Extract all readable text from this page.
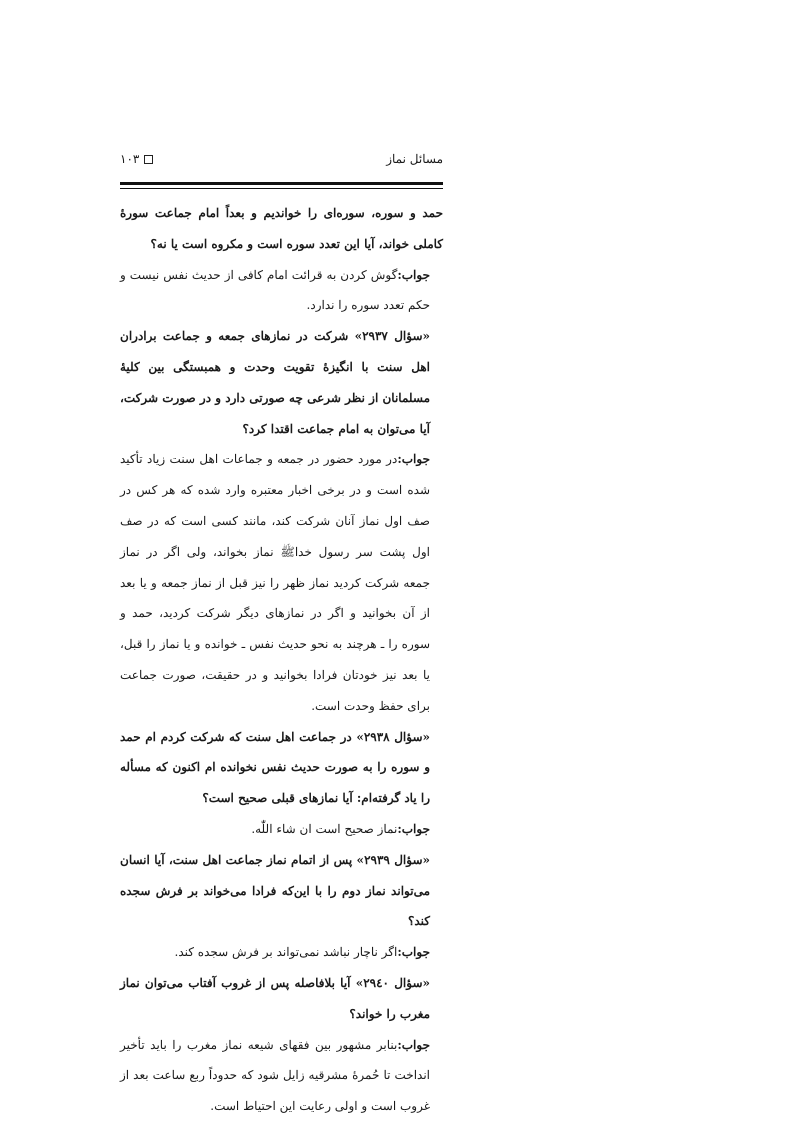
مسائل نماز
١٠٣

حمد و سوره، سوره‌ای را خواندیم و بعداً امام جماعت سورۀ کاملی خواند، آیا این تعدد سوره است و مکروه است یا نه؟

جواب:گوش کردن به قرائت امام کافی از حدیث نفس نیست و حکم تعدد سوره را ندارد.

«سؤال ٢٩٣٧» شرکت در نمازهای جمعه و جماعت برادران اهل سنت با انگیزۀ تقویت وحدت و همبستگی بین کلیۀ مسلمانان از نظر شرعی چه صورتی دارد و در صورت شرکت، آیا می‌توان به امام جماعت اقتدا کرد؟

جواب:در مورد حضور در جمعه و جماعات اهل سنت زیاد تأکید شده است و در برخی اخبار معتبره وارد شده که هر کس در صف اول نماز آنان شرکت کند، مانند کسی است که در صف اول پشت سر رسول خداﷺ نماز بخواند، ولی اگر در نماز جمعه شرکت کردید نماز ظهر را نیز قبل از نماز جمعه و یا بعد از آن بخوانید و اگر در نمازهای دیگر شرکت کردید، حمد و سوره را ـ هرچند به نحو حدیث نفس ـ خوانده و یا نماز را قبل، یا بعد نیز خودتان فرادا بخوانید و در حقیقت، صورت جماعت برای حفظ وحدت است.

«سؤال ٢٩٣٨» در جماعت اهل سنت که شرکت کردم ‌ام حمد و سوره را به صورت حدیث نفس نخوانده ‌ام اکنون که مسأله را یاد گرفته‌ام: آیا نمازهای قبلی صحیح است؟

جواب:نماز صحیح است ان شاء اللّٰه.

«سؤال ٢٩٣٩» پس از اتمام نماز جماعت اهل سنت، آیا انسان می‌تواند نماز دوم را با این‌که فرادا می‌خواند بر فرش سجده کند؟

جواب:اگر ناچار نباشد نمی‌تواند بر فرش سجده کند.

«سؤال ٢٩٤٠» آیا بلافاصله پس از غروب آفتاب می‌توان نماز مغرب را خواند؟

جواب:بنابر مشهور بین فقهای شیعه نماز مغرب را باید تأخیر انداخت تا حُمرۀ مشرقیه زایل شود که حدوداً ربع ساعت بعد از غروب است و اولی رعایت این احتیاط است.
